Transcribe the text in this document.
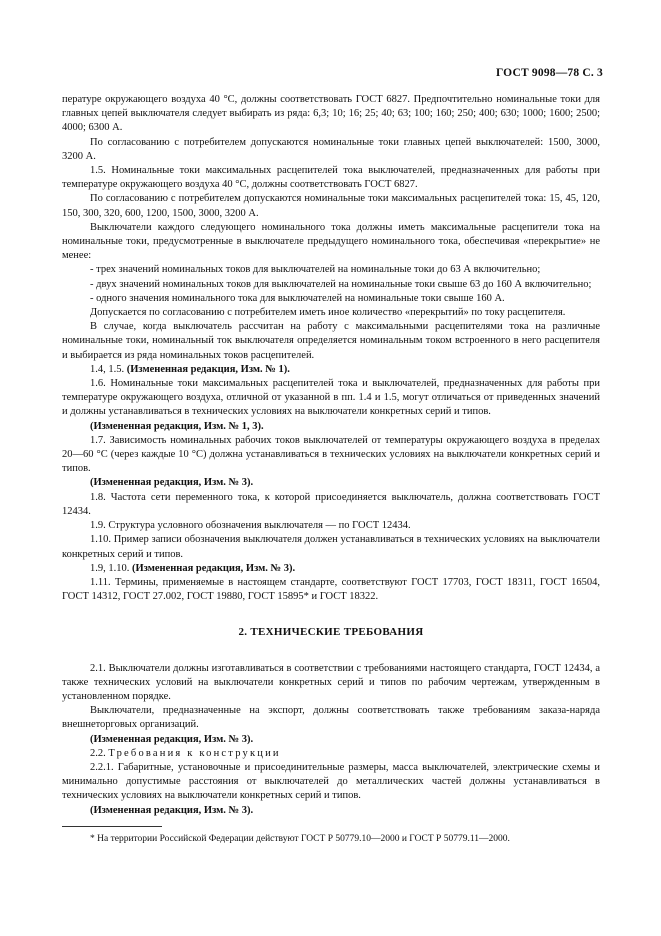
ГОСТ 9098—78 С. 3

пературе окружающего воздуха 40 °С, должны соответствовать ГОСТ 6827. Предпочтительно номинальные токи для главных цепей выключателя следует выбирать из ряда: 6,3; 10; 16; 25; 40; 63; 100; 160; 250; 400; 630; 1000; 1600; 2500; 4000; 6300 А.

По согласованию с потребителем допускаются номинальные токи главных цепей выключателей: 1500, 3000, 3200 А.

1.5. Номинальные токи максимальных расцепителей тока выключателей, предназначенных для работы при температуре окружающего воздуха 40 °С, должны соответствовать ГОСТ 6827.

По согласованию с потребителем допускаются номинальные токи максимальных расцепителей тока: 15, 45, 120, 150, 300, 320, 600, 1200, 1500, 3000, 3200 А.

Выключатели каждого следующего номинального тока должны иметь максимальные расцепители тока на номинальные токи, предусмотренные в выключателе предыдущего номинального тока, обеспечивая «перекрытие» не менее:

- трех значений номинальных токов для выключателей на номинальные токи до 63 А включительно;

- двух значений номинальных токов для выключателей на номинальные токи свыше 63 до 160 А включительно;

- одного значения номинального тока для выключателей на номинальные токи свыше 160 А.

Допускается по согласованию с потребителем иметь иное количество «перекрытий» по току расцепителя.

В случае, когда выключатель рассчитан на работу с максимальными расцепителями тока на различные номинальные токи, номинальный ток выключателя определяется номинальным током встроенного в него расцепителя и выбирается из ряда номинальных токов расцепителей.

1.4, 1.5. (Измененная редакция, Изм. № 1).

1.6. Номинальные токи максимальных расцепителей тока и выключателей, предназначенных для работы при температуре окружающего воздуха, отличной от указанной в пп. 1.4 и 1.5, могут отличаться от приведенных значений и должны устанавливаться в технических условиях на выключатели конкретных серий и типов.

(Измененная редакция, Изм. № 1, 3).

1.7. Зависимость номинальных рабочих токов выключателей от температуры окружающего воздуха в пределах 20—60 °С (через каждые 10 °С) должна устанавливаться в технических условиях на выключатели конкретных серий и типов.

(Измененная редакция, Изм. № 3).

1.8. Частота сети переменного тока, к которой присоединяется выключатель, должна соответствовать ГОСТ 12434.

1.9. Структура условного обозначения выключателя — по ГОСТ 12434.

1.10. Пример записи обозначения выключателя должен устанавливаться в технических условиях на выключатели конкретных серий и типов.

1.9, 1.10. (Измененная редакция, Изм. № 3).

1.11. Термины, применяемые в настоящем стандарте, соответствуют ГОСТ 17703, ГОСТ 18311, ГОСТ 16504, ГОСТ 14312, ГОСТ 27.002, ГОСТ 19880, ГОСТ 15895* и ГОСТ 18322.

2. ТЕХНИЧЕСКИЕ ТРЕБОВАНИЯ

2.1. Выключатели должны изготавливаться в соответствии с требованиями настоящего стандарта, ГОСТ 12434, а также технических условий на выключатели конкретных серий и типов по рабочим чертежам, утвержденным в установленном порядке.

Выключатели, предназначенные на экспорт, должны соответствовать также требованиям заказа-наряда внешнеторговых организаций.

(Измененная редакция, Изм. № 3).

2.2. Требования к конструкции

2.2.1. Габаритные, установочные и присоединительные размеры, масса выключателей, электрические схемы и минимально допустимые расстояния от выключателей до металлических частей должны устанавливаться в технических условиях на выключатели конкретных серий и типов.

(Измененная редакция, Изм. № 3).

* На территории Российской Федерации действуют ГОСТ Р 50779.10—2000 и ГОСТ Р 50779.11—2000.
